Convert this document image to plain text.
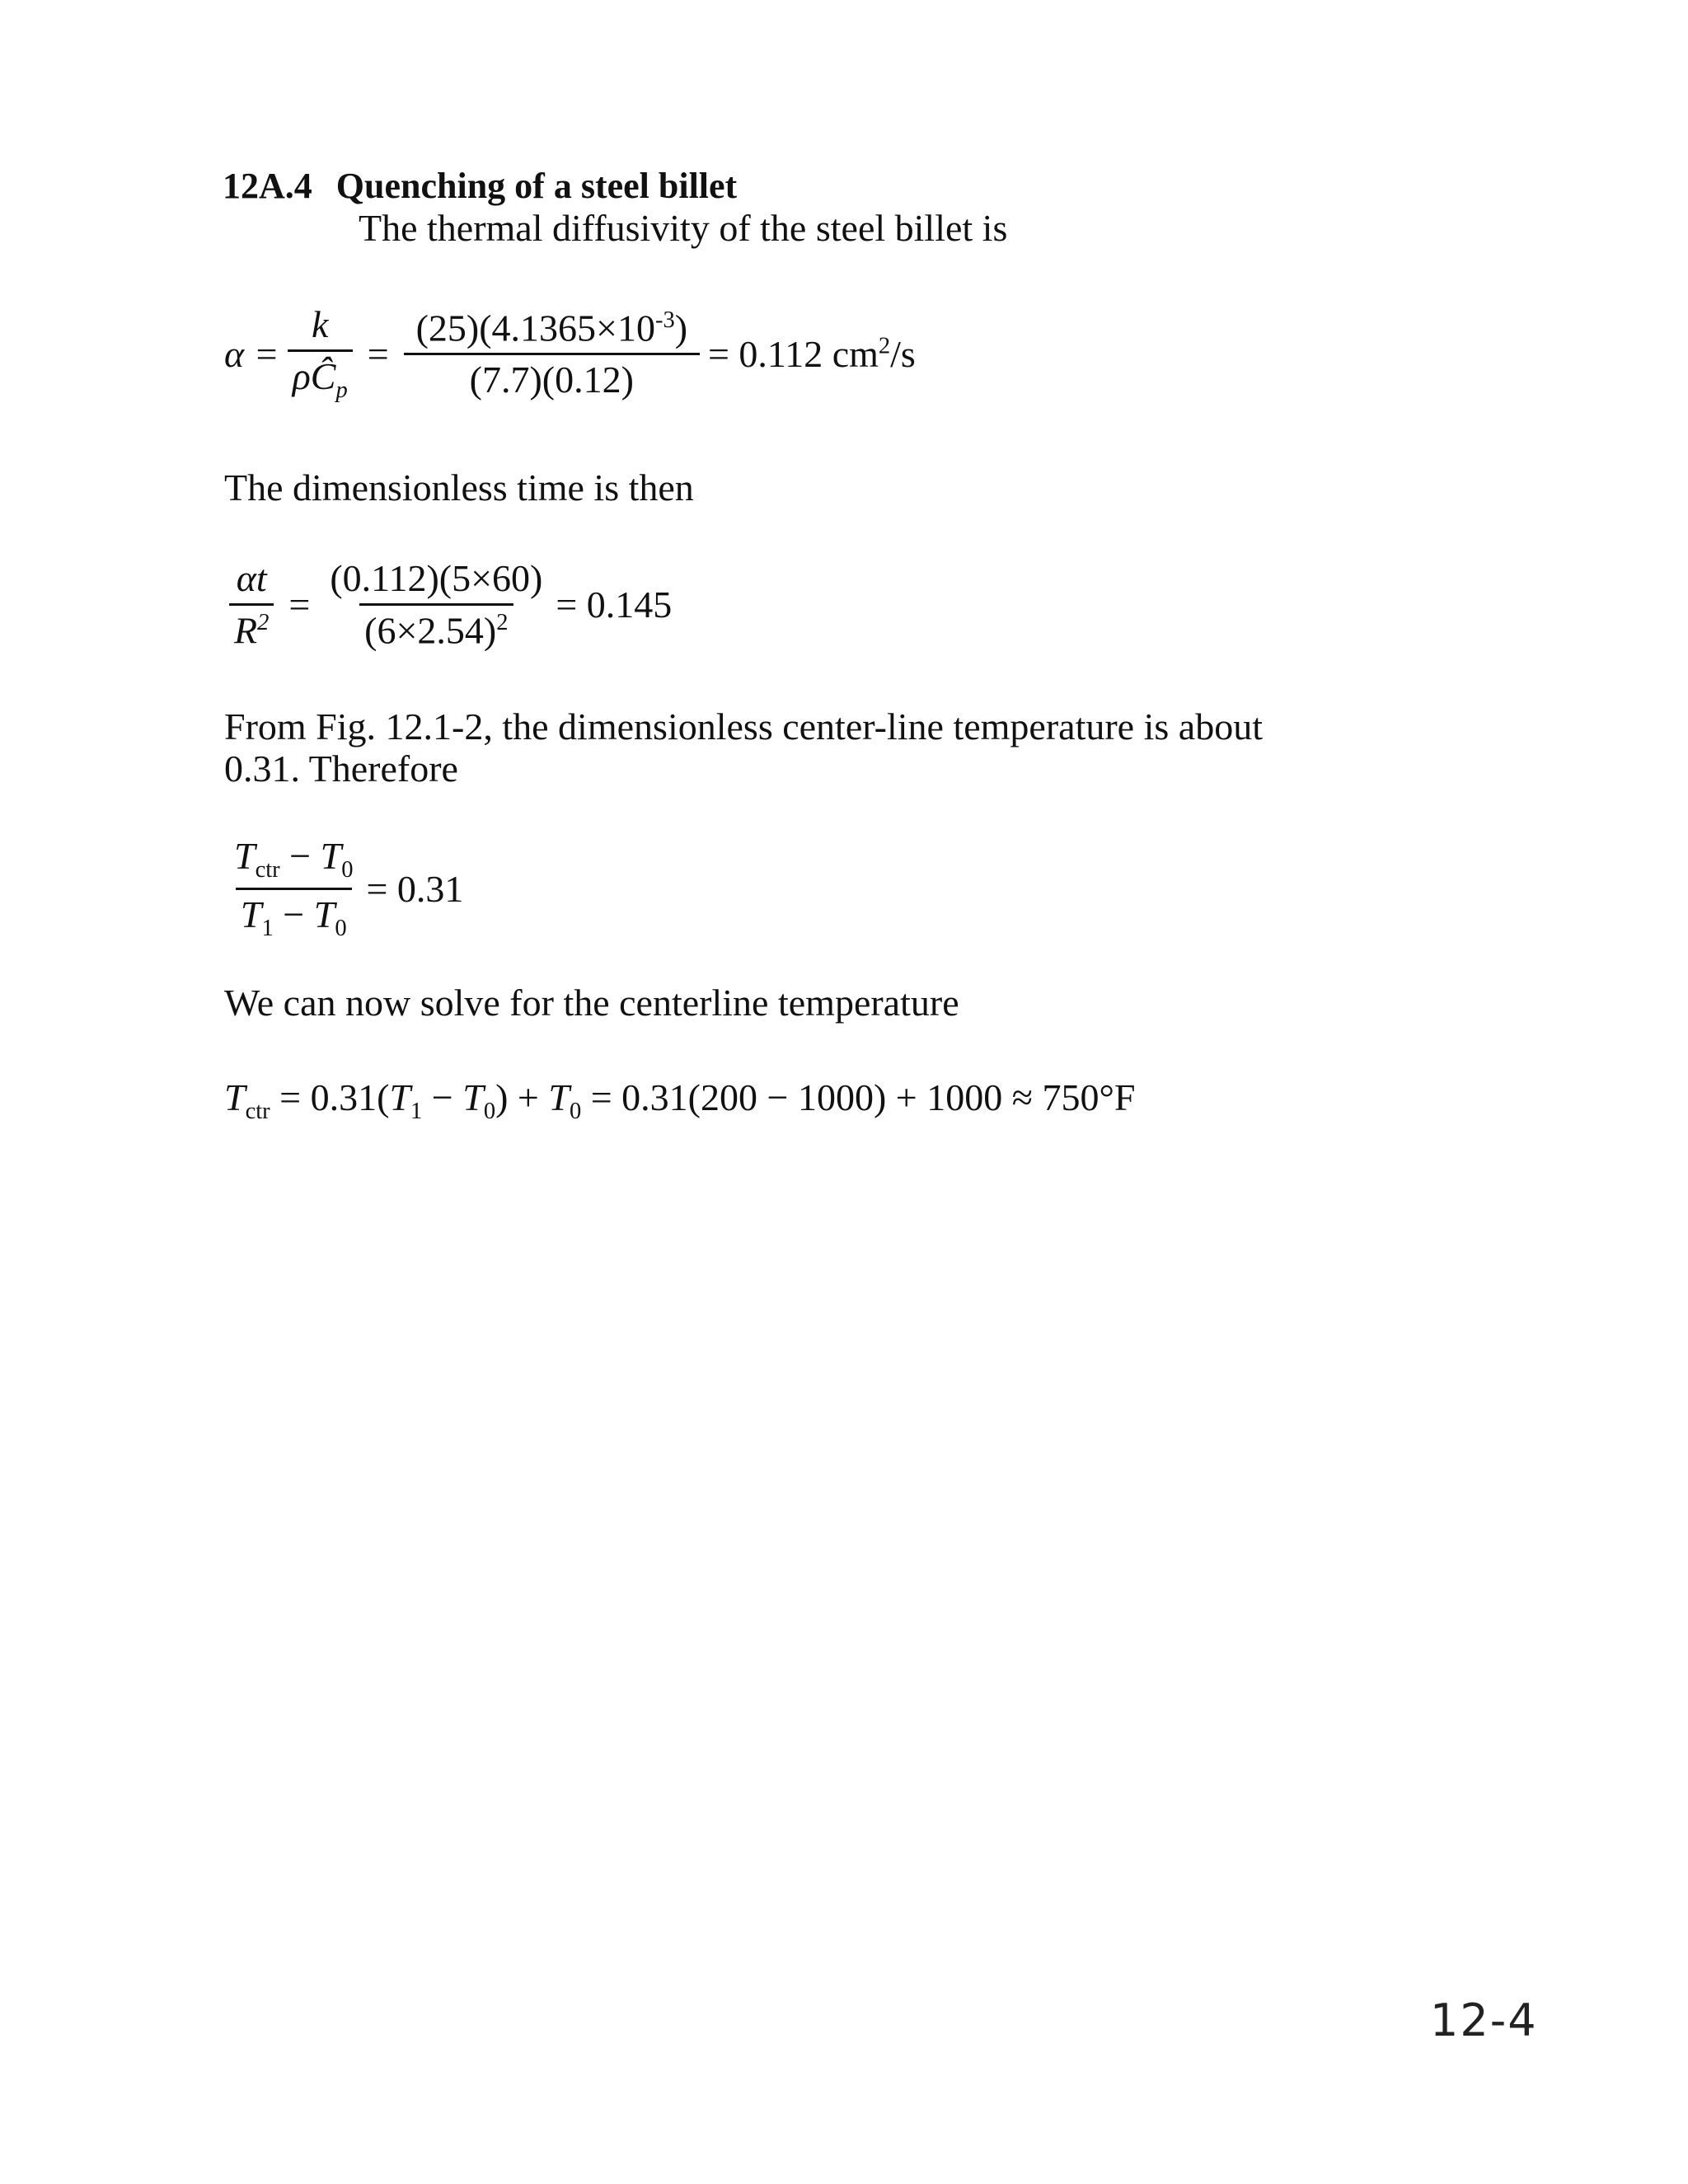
12A.4 Quenching of a steel billet
The thermal diffusivity of the steel billet is
$\alpha = \frac{k}{\rho Ĉ_p} = \frac{(25)(4.1365\times 10^{-3})}{(7.7)(0.12)} = 0.112$ $cm^2/s$
The dimensionless time is then
$\frac{\alpha t}{R^2} = \frac{(0.112)(5\times 60)}{(6\times 2.54)^2} = 0.145$
From Fig. 12.1-2, the dimensionless center-line temperature is about
0.31. Therefore
$\frac{T_{ctr} - T_0}{T_1 - T_0} = 0.31$
We can now solve for the centerline temperature
$T_{ctr} = 0.31(T_1 - T_0) + T_0 = 0.31(200 - 1000) + 1000 \approx 750^\circ F$
12-4
